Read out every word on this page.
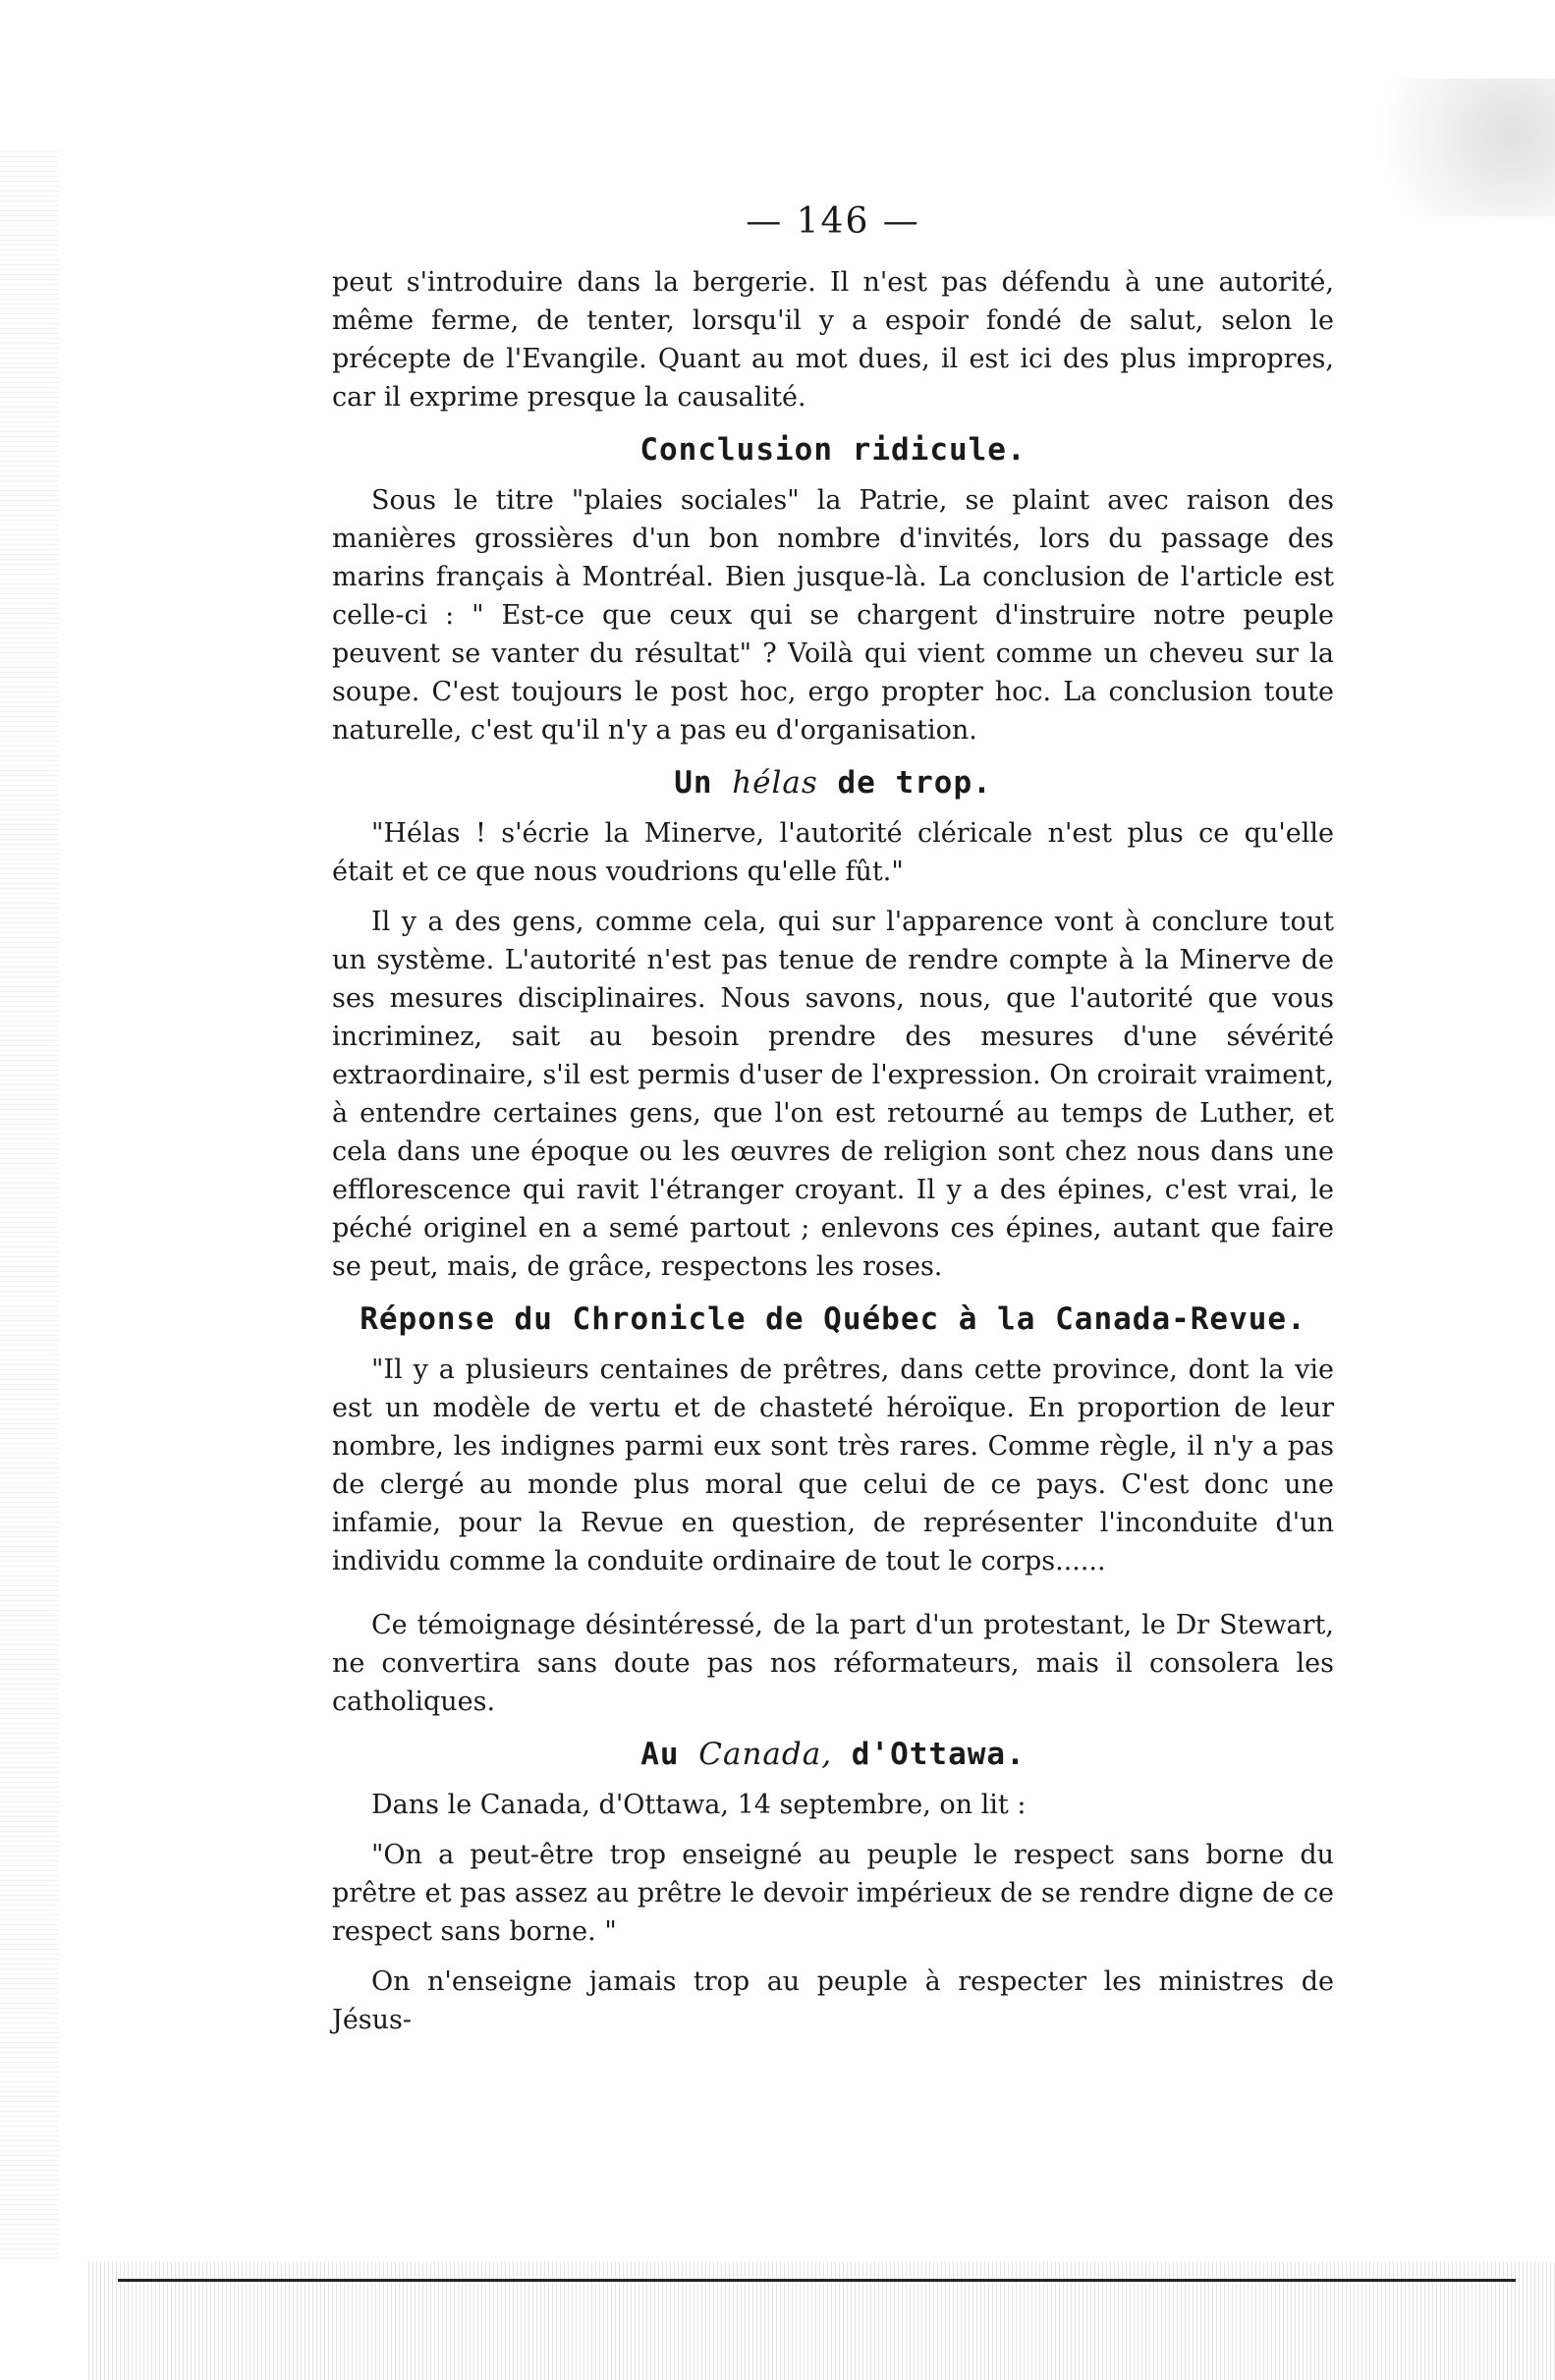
— 146 —

peut s'introduire dans la bergerie. Il n'est pas défendu à une autorité, même ferme, de tenter, lorsqu'il y a espoir fondé de salut, selon le précepte de l'Evangile. Quant au mot dues, il est ici des plus impropres, car il exprime presque la causalité.

Conclusion ridicule.

Sous le titre "plaies sociales" la Patrie, se plaint avec raison des manières grossières d'un bon nombre d'invités, lors du passage des marins français à Montréal. Bien jusque-là. La conclusion de l'article est celle-ci : " Est-ce que ceux qui se chargent d'instruire notre peuple peuvent se vanter du résultat" ? Voilà qui vient comme un cheveu sur la soupe. C'est toujours le post hoc, ergo propter hoc. La conclusion toute naturelle, c'est qu'il n'y a pas eu d'organisation.

Un hélas de trop.

"Hélas ! s'écrie la Minerve, l'autorité cléricale n'est plus ce qu'elle était et ce que nous voudrions qu'elle fût."

Il y a des gens, comme cela, qui sur l'apparence vont à conclure tout un système. L'autorité n'est pas tenue de rendre compte à la Minerve de ses mesures disciplinaires. Nous savons, nous, que l'autorité que vous incriminez, sait au besoin prendre des mesures d'une sévérité extraordinaire, s'il est permis d'user de l'expression. On croirait vraiment, à entendre certaines gens, que l'on est retourné au temps de Luther, et cela dans une époque ou les œuvres de religion sont chez nous dans une efflorescence qui ravit l'étranger croyant. Il y a des épines, c'est vrai, le péché originel en a semé partout ; enlevons ces épines, autant que faire se peut, mais, de grâce, respectons les roses.

Réponse du Chronicle de Québec à la Canada-Revue.

"Il y a plusieurs centaines de prêtres, dans cette province, dont la vie est un modèle de vertu et de chasteté héroïque. En proportion de leur nombre, les indignes parmi eux sont très rares. Comme règle, il n'y a pas de clergé au monde plus moral que celui de ce pays. C'est donc une infamie, pour la Revue en question, de représenter l'inconduite d'un individu comme la conduite ordinaire de tout le corps......

Ce témoignage désintéressé, de la part d'un protestant, le Dr Stewart, ne convertira sans doute pas nos réformateurs, mais il consolera les catholiques.

Au Canada, d'Ottawa.

Dans le Canada, d'Ottawa, 14 septembre, on lit :

"On a peut-être trop enseigné au peuple le respect sans borne du prêtre et pas assez au prêtre le devoir impérieux de se rendre digne de ce respect sans borne. "

On n'enseigne jamais trop au peuple à respecter les ministres de Jésus-
